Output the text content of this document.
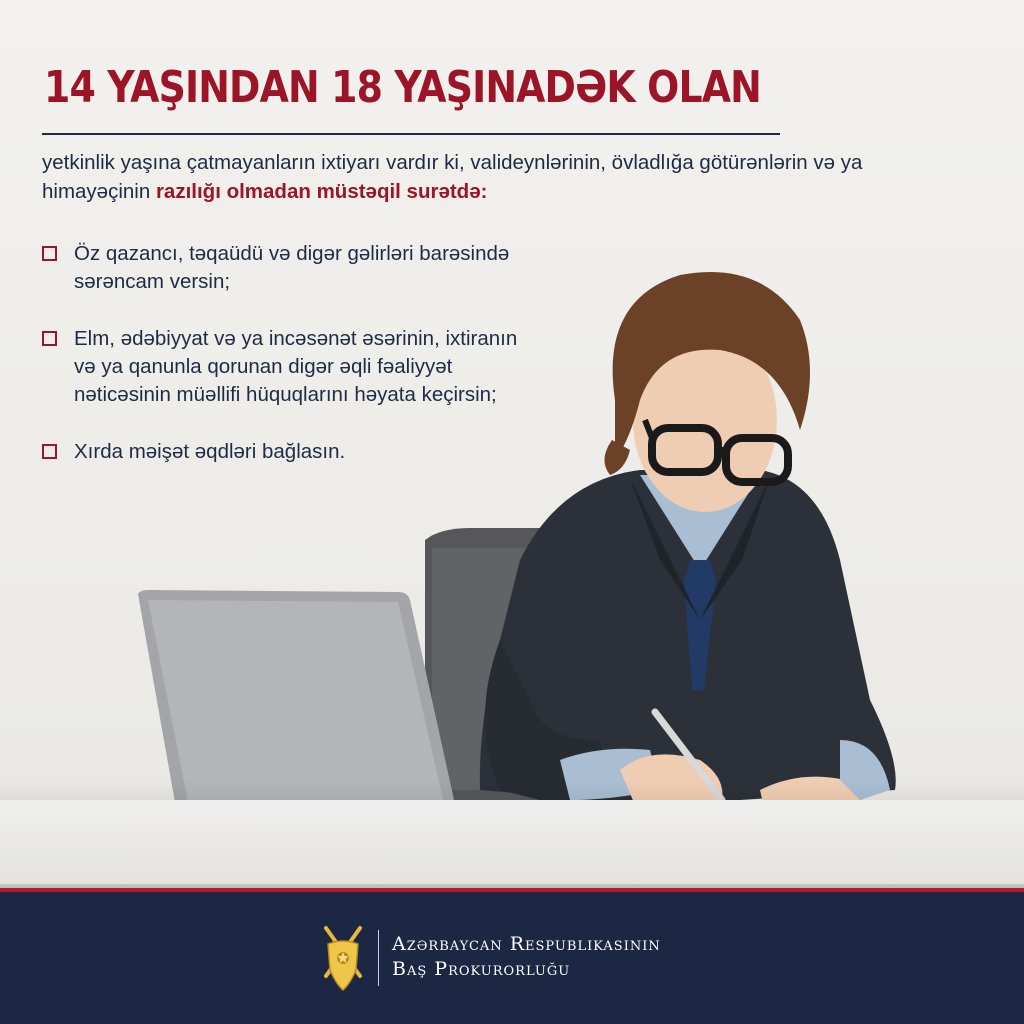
14 YAŞINDAN 18 YAŞINADƏK OLAN

yetkinlik yaşına çatmayanların ixtiyarı vardır ki, valideynlərinin, övladlığa götürənlərin və ya himayəçinin razılığı olmadan müstəqil surətdə:

Öz qazancı, təqaüdü və digər gəlirləri barəsində sərəncam versin;
Elm, ədəbiyyat və ya incəsənət əsərinin, ixtiranın və ya qanunla qorunan digər əqli fəaliyyət nəticəsinin müəllifi hüquqlarını həyata keçirsin;
Xırda məişət əqdləri bağlasın.
Azərbaycan Respublikasının
Baş Prokurorluğu
